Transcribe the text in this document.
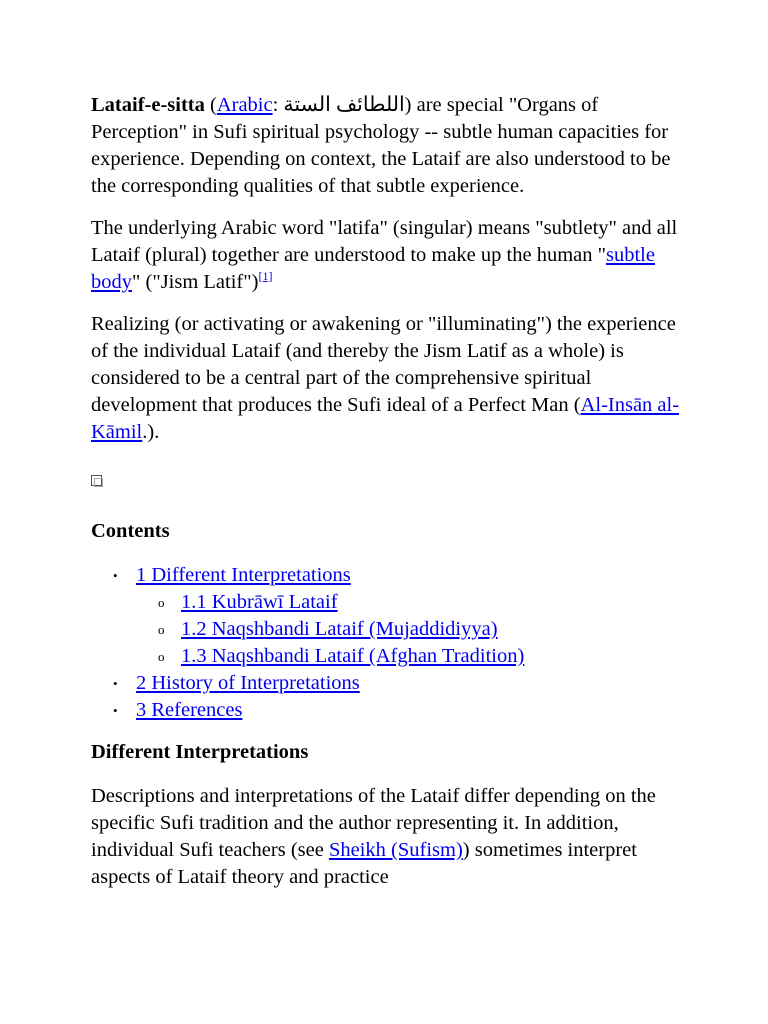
Lataif-e-sitta (Arabic: اللطائف الستة) are special "Organs of Perception" in Sufi spiritual psychology -- subtle human capacities for experience. Depending on context, the Lataif are also understood to be the corresponding qualities of that subtle experience.

The underlying Arabic word "latifa" (singular) means "subtlety" and all Lataif (plural) together are understood to make up the human "subtle body" ("Jism Latif")[1]

Realizing (or activating or awakening or "illuminating") the experience of the individual Lataif (and thereby the Jism Latif as a whole) is considered to be a central part of the comprehensive spiritual development that produces the Sufi ideal of a Perfect Man (Al-Insān al-Kāmil.).

Contents
• 1 Different Interpretations
o 1.1 Kubrāwī Lataif
o 1.2 Naqshbandi Lataif (Mujaddidiyya)
o 1.3 Naqshbandi Lataif (Afghan Tradition)
• 2 History of Interpretations
• 3 References
Different Interpretations

Descriptions and interpretations of the Lataif differ depending on the specific Sufi tradition and the author representing it. In addition, individual Sufi teachers (see Sheikh (Sufism)) sometimes interpret aspects of Lataif theory and practice
